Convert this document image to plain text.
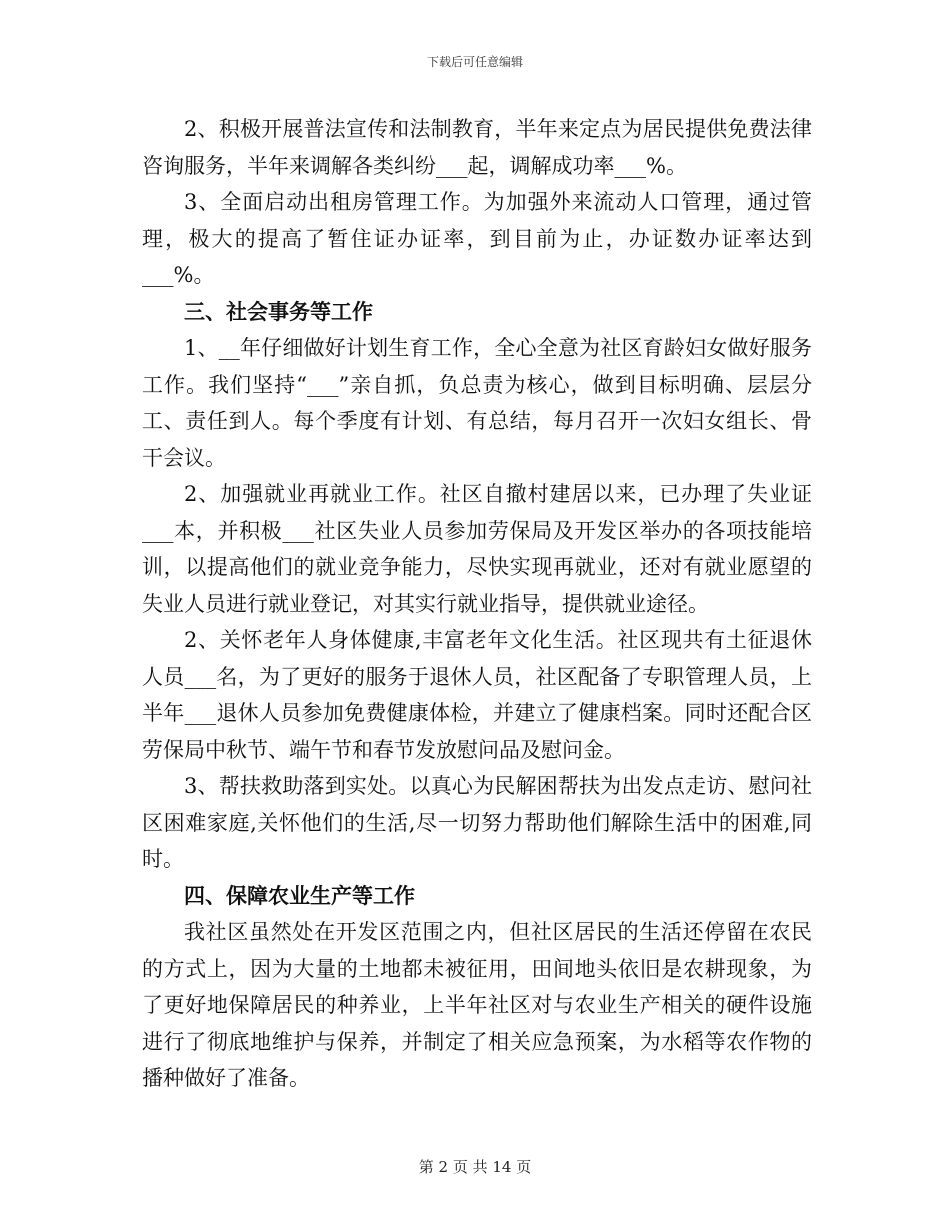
下载后可任意编辑

2、积极开展普法宣传和法制教育，半年来定点为居民提供免费法律咨询服务，半年来调解各类纠纷___起，调解成功率___%。

3、全面启动出租房管理工作。为加强外来流动人口管理，通过管理，极大的提高了暂住证办证率，到目前为止，办证数办证率达到___%。

三、社会事务等工作

1、__年仔细做好计划生育工作，全心全意为社区育龄妇女做好服务工作。我们坚持“___”亲自抓，负总责为核心，做到目标明确、层层分工、责任到人。每个季度有计划、有总结，每月召开一次妇女组长、骨干会议。

2、加强就业再就业工作。社区自撤村建居以来，已办理了失业证___本，并积极___社区失业人员参加劳保局及开发区举办的各项技能培训，以提高他们的就业竞争能力，尽快实现再就业，还对有就业愿望的失业人员进行就业登记，对其实行就业指导，提供就业途径。

2、关怀老年人身体健康,丰富老年文化生活。社区现共有土征退休人员___名，为了更好的服务于退休人员，社区配备了专职管理人员，上半年___退休人员参加免费健康体检，并建立了健康档案。同时还配合区劳保局中秋节、端午节和春节发放慰问品及慰问金。

3、帮扶救助落到实处。以真心为民解困帮扶为出发点走访、慰问社区困难家庭,关怀他们的生活,尽一切努力帮助他们解除生活中的困难,同时。

四、保障农业生产等工作

我社区虽然处在开发区范围之内，但社区居民的生活还停留在农民的方式上，因为大量的土地都未被征用，田间地头依旧是农耕现象，为了更好地保障居民的种养业，上半年社区对与农业生产相关的硬件设施进行了彻底地维护与保养，并制定了相关应急预案，为水稻等农作物的播种做好了准备。

第 2 页 共 14 页
